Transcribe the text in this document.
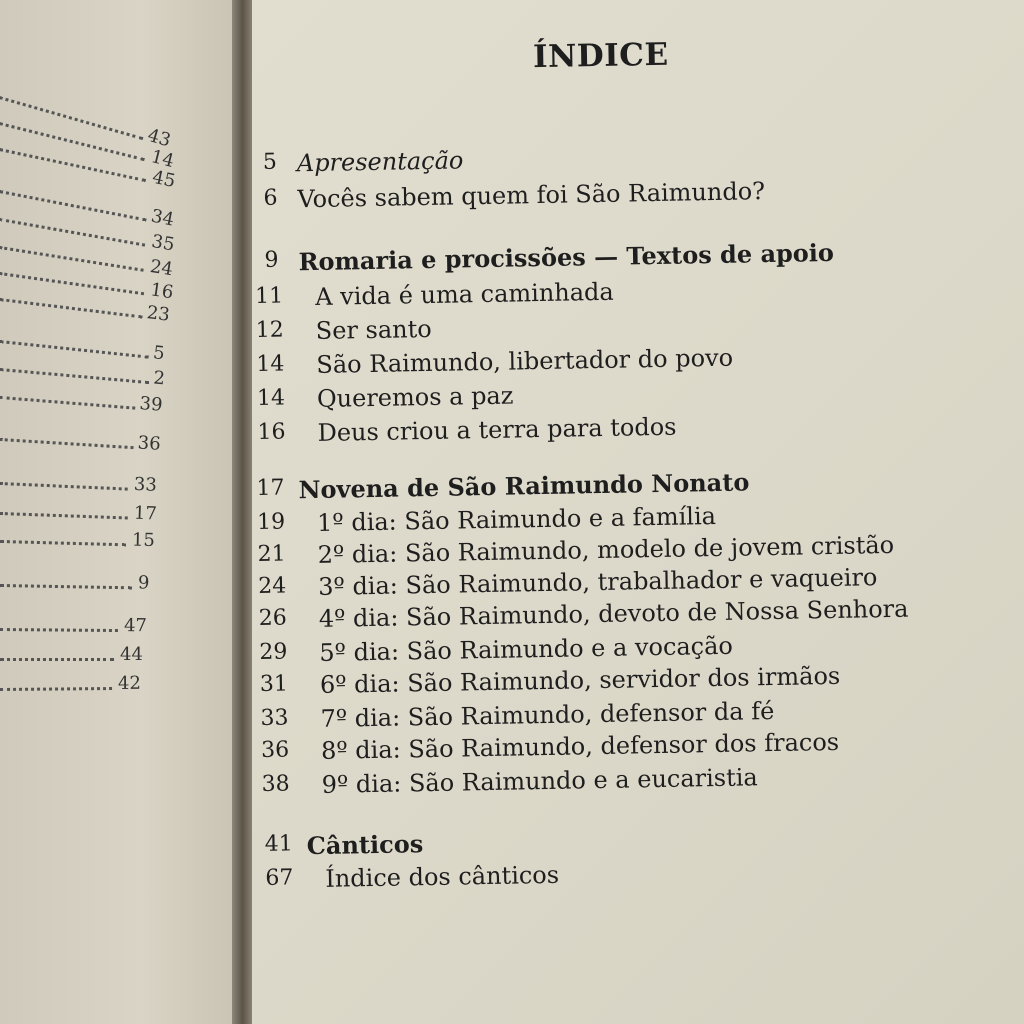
43
14
45
34
35
24
16
23
5
2
39
36
33
17
15
9
47
44
42
ÍNDICE
5 Apresentação
6 Vocês sabem quem foi São Raimundo?
9 Romaria e procissões — Textos de apoio
11 A vida é uma caminhada
12 Ser santo
14 São Raimundo, libertador do povo
14 Queremos a paz
16 Deus criou a terra para todos
17 Novena de São Raimundo Nonato
19 1º dia: São Raimundo e a família
21 2º dia: São Raimundo, modelo de jovem cristão
24 3º dia: São Raimundo, trabalhador e vaqueiro
26 4º dia: São Raimundo, devoto de Nossa Senhora
29 5º dia: São Raimundo e a vocação
31 6º dia: São Raimundo, servidor dos irmãos
33 7º dia: São Raimundo, defensor da fé
36 8º dia: São Raimundo, defensor dos fracos
38 9º dia: São Raimundo e a eucaristia
41 Cânticos
67 Índice dos cânticos
